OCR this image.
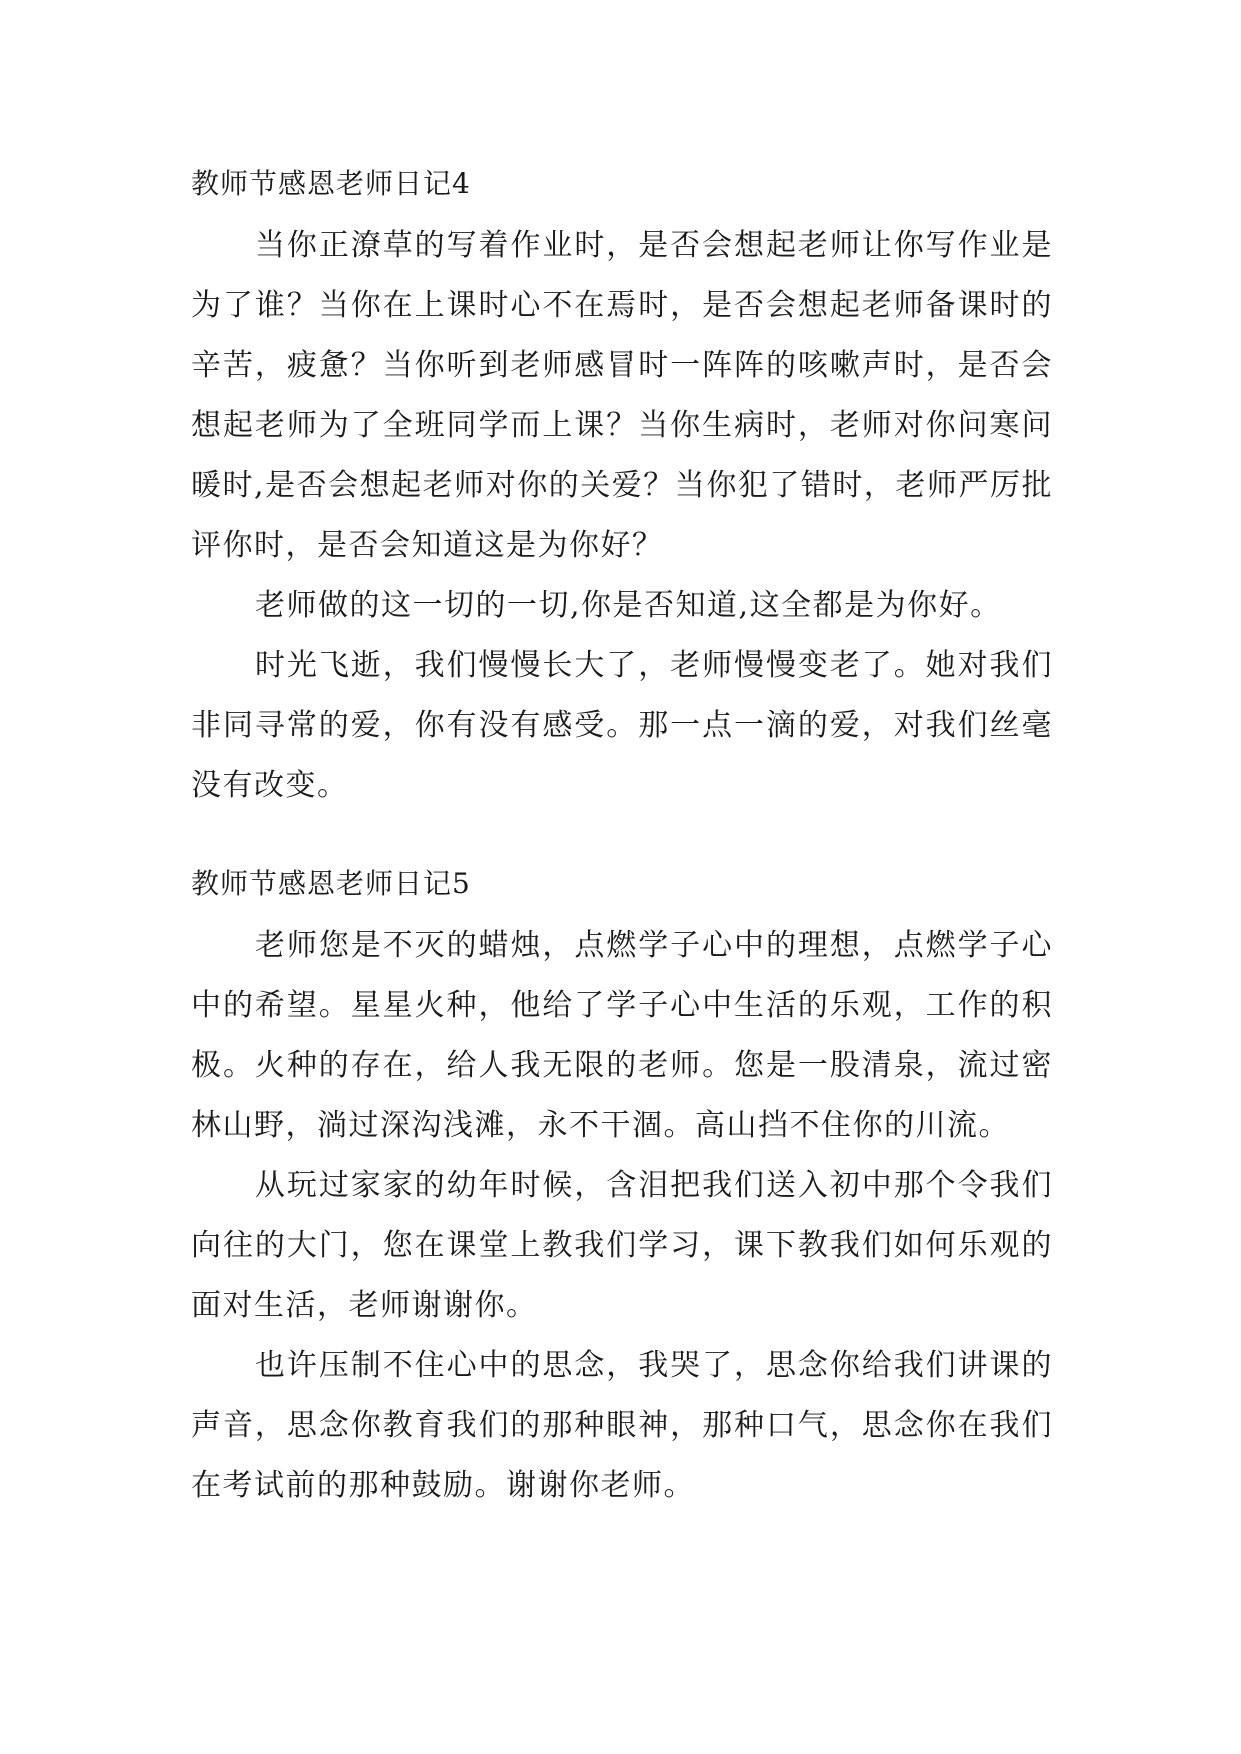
教师节感恩老师日记4

当你正潦草的写着作业时，是否会想起老师让你写作业是为了谁？当你在上课时心不在焉时，是否会想起老师备课时的辛苦，疲惫？当你听到老师感冒时一阵阵的咳嗽声时，是否会想起老师为了全班同学而上课？当你生病时，老师对你问寒问暖时,是否会想起老师对你的关爱？当你犯了错时，老师严厉批评你时，是否会知道这是为你好？

老师做的这一切的一切,你是否知道,这全都是为你好。

时光飞逝，我们慢慢长大了，老师慢慢变老了。她对我们非同寻常的爱，你有没有感受。那一点一滴的爱，对我们丝毫没有改变。

教师节感恩老师日记5

老师您是不灭的蜡烛，点燃学子心中的理想，点燃学子心中的希望。星星火种，他给了学子心中生活的乐观，工作的积极。火种的存在，给人我无限的老师。您是一股清泉，流过密林山野，淌过深沟浅滩，永不干涸。高山挡不住你的川流。

从玩过家家的幼年时候，含泪把我们送入初中那个令我们向往的大门，您在课堂上教我们学习，课下教我们如何乐观的面对生活，老师谢谢你。

也许压制不住心中的思念，我哭了，思念你给我们讲课的声音，思念你教育我们的那种眼神，那种口气，思念你在我们在考试前的那种鼓励。谢谢你老师。
